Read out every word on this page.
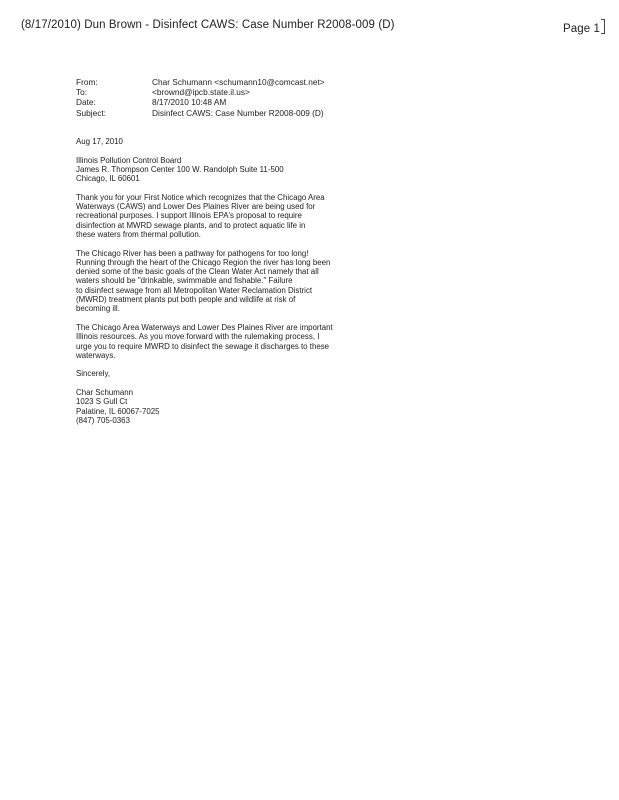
(8/17/2010) Dun Brown - Disinfect CAWS: Case Number R2008-009 (D)	Page 1
From:	Char Schumann <schumann10@comcast.net>
To:	<brownd@ipcb.state.il.us>
Date:	8/17/2010 10:48 AM
Subject:	Disinfect CAWS: Case Number R2008-009 (D)

Aug 17, 2010

Illinois Pollution Control Board
James R. Thompson Center 100 W. Randolph Suite 11-500
Chicago, IL 60601

Thank you for your First Notice which recognizes that the Chicago Area
Waterways (CAWS) and Lower Des Plaines River are being used for
recreational purposes. I support Illinois EPA's proposal to require
disinfection at MWRD sewage plants, and to protect aquatic life in
these waters from thermal pollution.

The Chicago River has been a pathway for pathogens for too long!
Running through the heart of the Chicago Region the river has long been
denied some of the basic goals of the Clean Water Act namely that all
waters should be "drinkable, swimmable and fishable." Failure
to disinfect sewage from all Metropolitan Water Reclamation District
(MWRD) treatment plants put both people and wildlife at risk of
becoming ill.

The Chicago Area Waterways and Lower Des Plaines River are important
Illinois resources. As you move forward with the rulemaking process, I
urge you to require MWRD to disinfect the sewage it discharges to these
waterways.

Sincerely,

Char Schumann
1023 S Gull Ct
Palatine, IL 60067-7025
(847) 705-0363
